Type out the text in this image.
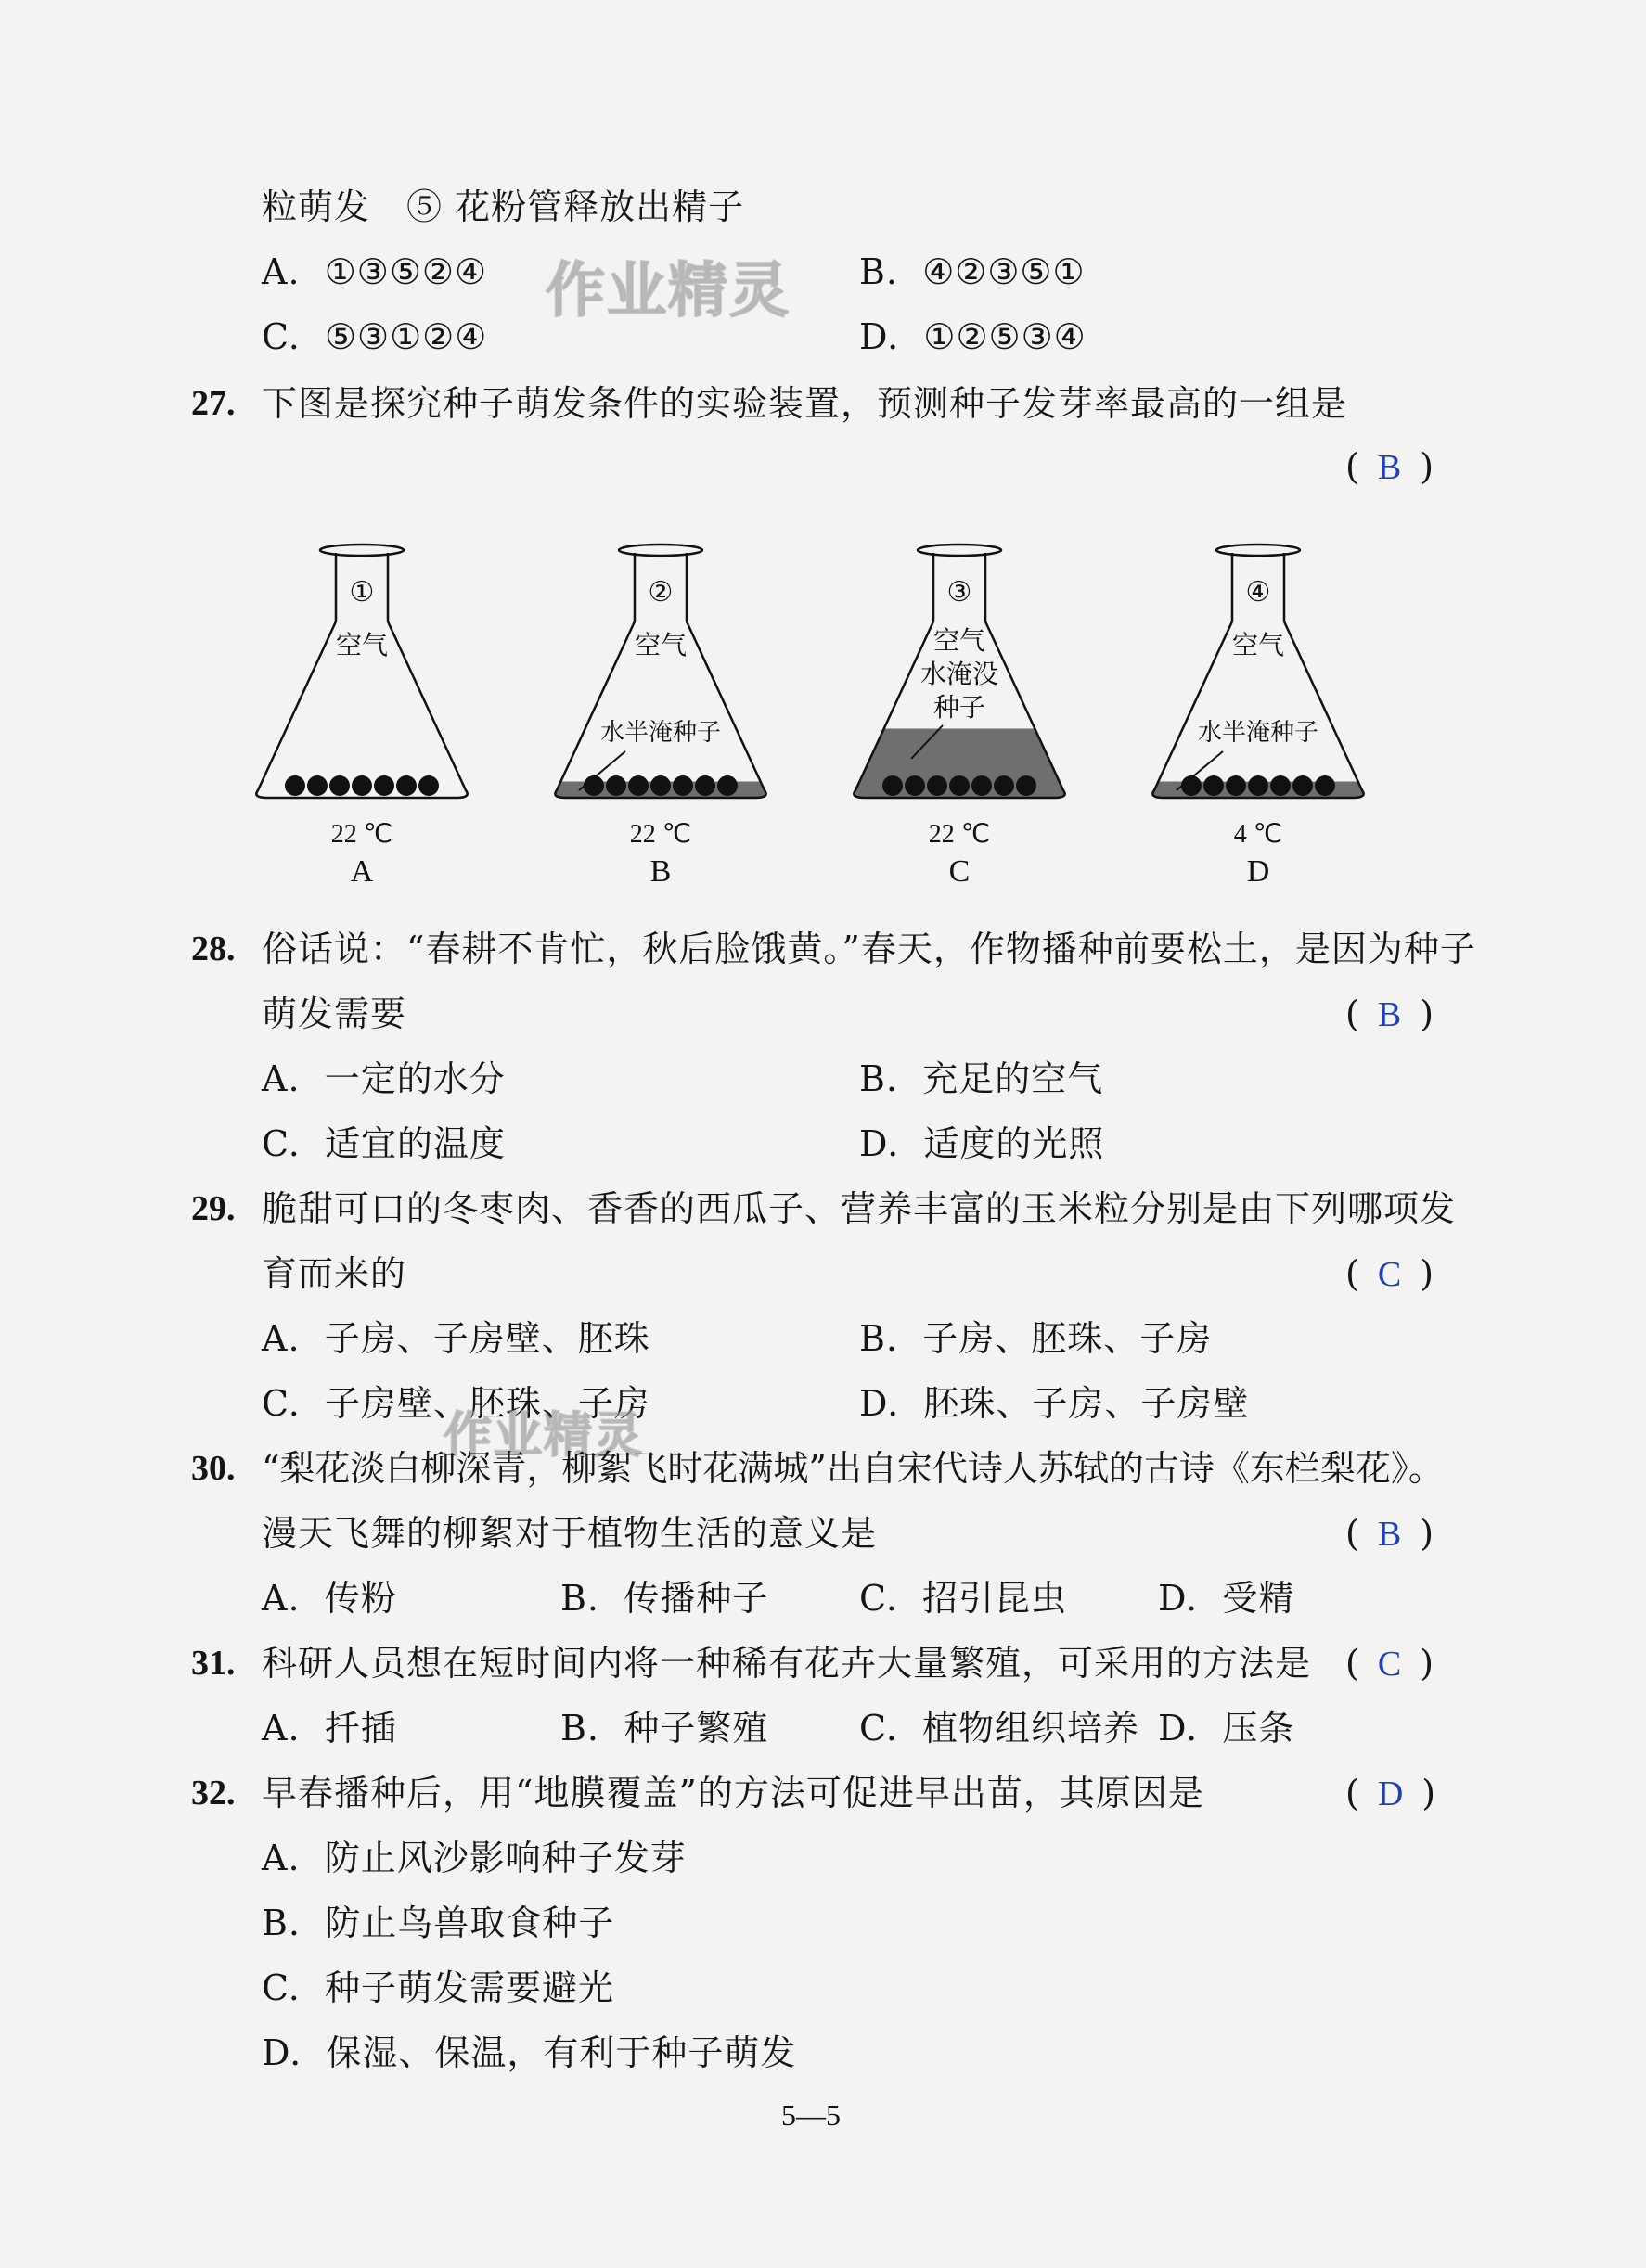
粒萌发　⑤ 花粉管释放出精子
A. ①③⑤②④	B. ④②③⑤①
C. ⑤③①②④	D. ①②⑤③④
作业精灵
27. 下图是探究种子萌发条件的实验装置，预测种子发芽率最高的一组是
( B )
①
空气
22 ℃
A
②
空气
水半淹种子
22 ℃
B
③
空气
水淹没
种子
22 ℃
C
④
空气
水半淹种子
4 ℃
D
28. 俗话说：“春耕不肯忙，秋后脸饿黄。”春天，作物播种前要松土，是因为种子
萌发需要	( B )
A. 一定的水分	B. 充足的空气
C. 适宜的温度	D. 适度的光照
29. 脆甜可口的冬枣肉、香香的西瓜子、营养丰富的玉米粒分别是由下列哪项发
育而来的	( C )
A. 子房、子房壁、胚珠	B. 子房、胚珠、子房
C. 子房壁、胚珠、子房	D. 胚珠、子房、子房壁
作业精灵
30. “梨花淡白柳深青，柳絮飞时花满城”出自宋代诗人苏轼的古诗《东栏梨花》。
漫天飞舞的柳絮对于植物生活的意义是	( B )
A. 传粉	B. 传播种子	C. 招引昆虫	D. 受精
31. 科研人员想在短时间内将一种稀有花卉大量繁殖，可采用的方法是 ( C )
A. 扦插	B. 种子繁殖	C. 植物组织培养 D. 压条
32. 早春播种后，用“地膜覆盖”的方法可促进早出苗，其原因是	( D )
A. 防止风沙影响种子发芽
B. 防止鸟兽取食种子
C. 种子萌发需要避光
D. 保湿、保温，有利于种子萌发
5—5
